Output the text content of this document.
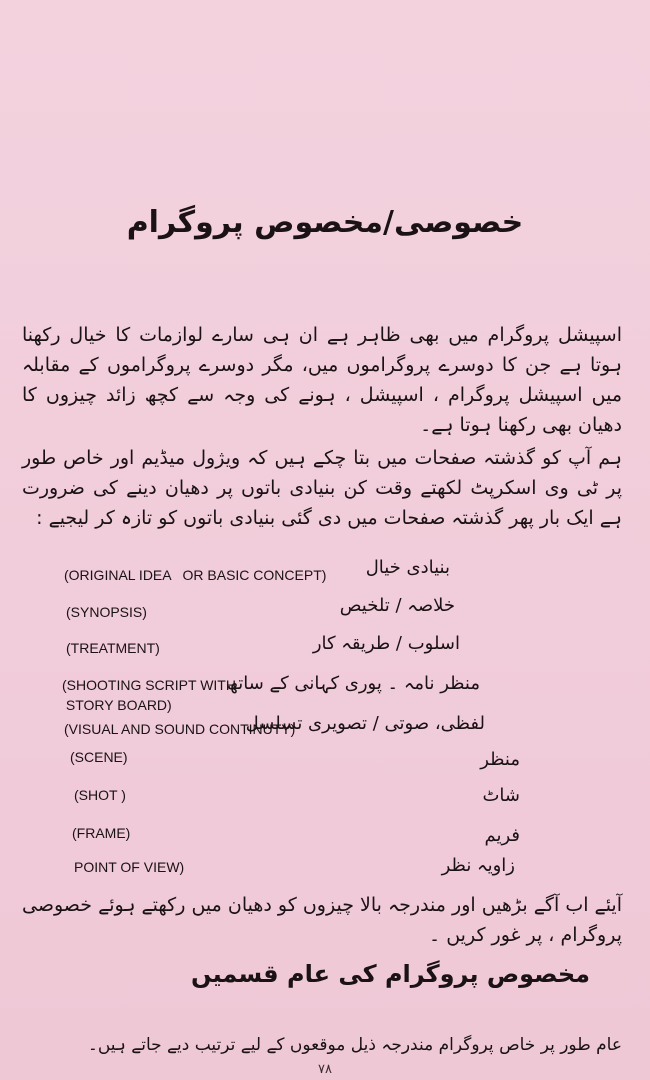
خصوصی/مخصوص پروگرام
اسپیشل پروگرام میں بھی ظاہر ہے ان ہی سارے لوازمات کا خیال رکھنا ہوتا ہے جن کا دوسرے پروگراموں میں، مگر دوسرے پروگراموں کے مقابلہ میں اسپیشل پروگرام ، اسپیشل ، ہونے کی وجہ سے کچھ زائد چیزوں کا دھیان بھی رکھنا ہوتا ہے۔
ہم آپ کو گذشتہ صفحات میں بتا چکے ہیں کہ ویژول میڈیم اور خاص طور پر ٹی وی اسکرپٹ لکھتے وقت کن بنیادی باتوں پر دھیان دینے کی ضرورت ہے ایک بار پھر گذشتہ صفحات میں دی گئی بنیادی باتوں کو تازہ کر لیجیے :
بنیادی خیال
(ORIGINAL IDEA   OR BASIC CONCEPT)
خلاصہ / تلخیص
(SYNOPSIS)
اسلوب / طریقہ کار
(TREATMENT)
منظر نامہ ۔ پوری کہانی کے ساتھ
(SHOOTING SCRIPT WITH
STORY BOARD)
لفظی، صوتی / تصویری تسلسل
(VISUAL AND SOUND CONTINUTY)
منظر
(SCENE)
شاٹ
(SHOT )
فریم
(FRAME)
زاویہ نظر
POINT OF VIEW)
آیئے اب آگے بڑھیں اور مندرجہ بالا چیزوں کو دھیان میں رکھتے ہوئے خصوصی پروگرام ، پر غور کریں ۔
مخصوص پروگرام کی عام قسمیں
عام طور پر خاص پروگرام مندرجہ ذیل موقعوں کے لیے ترتیب دیے جاتے ہیں۔
۷۸
